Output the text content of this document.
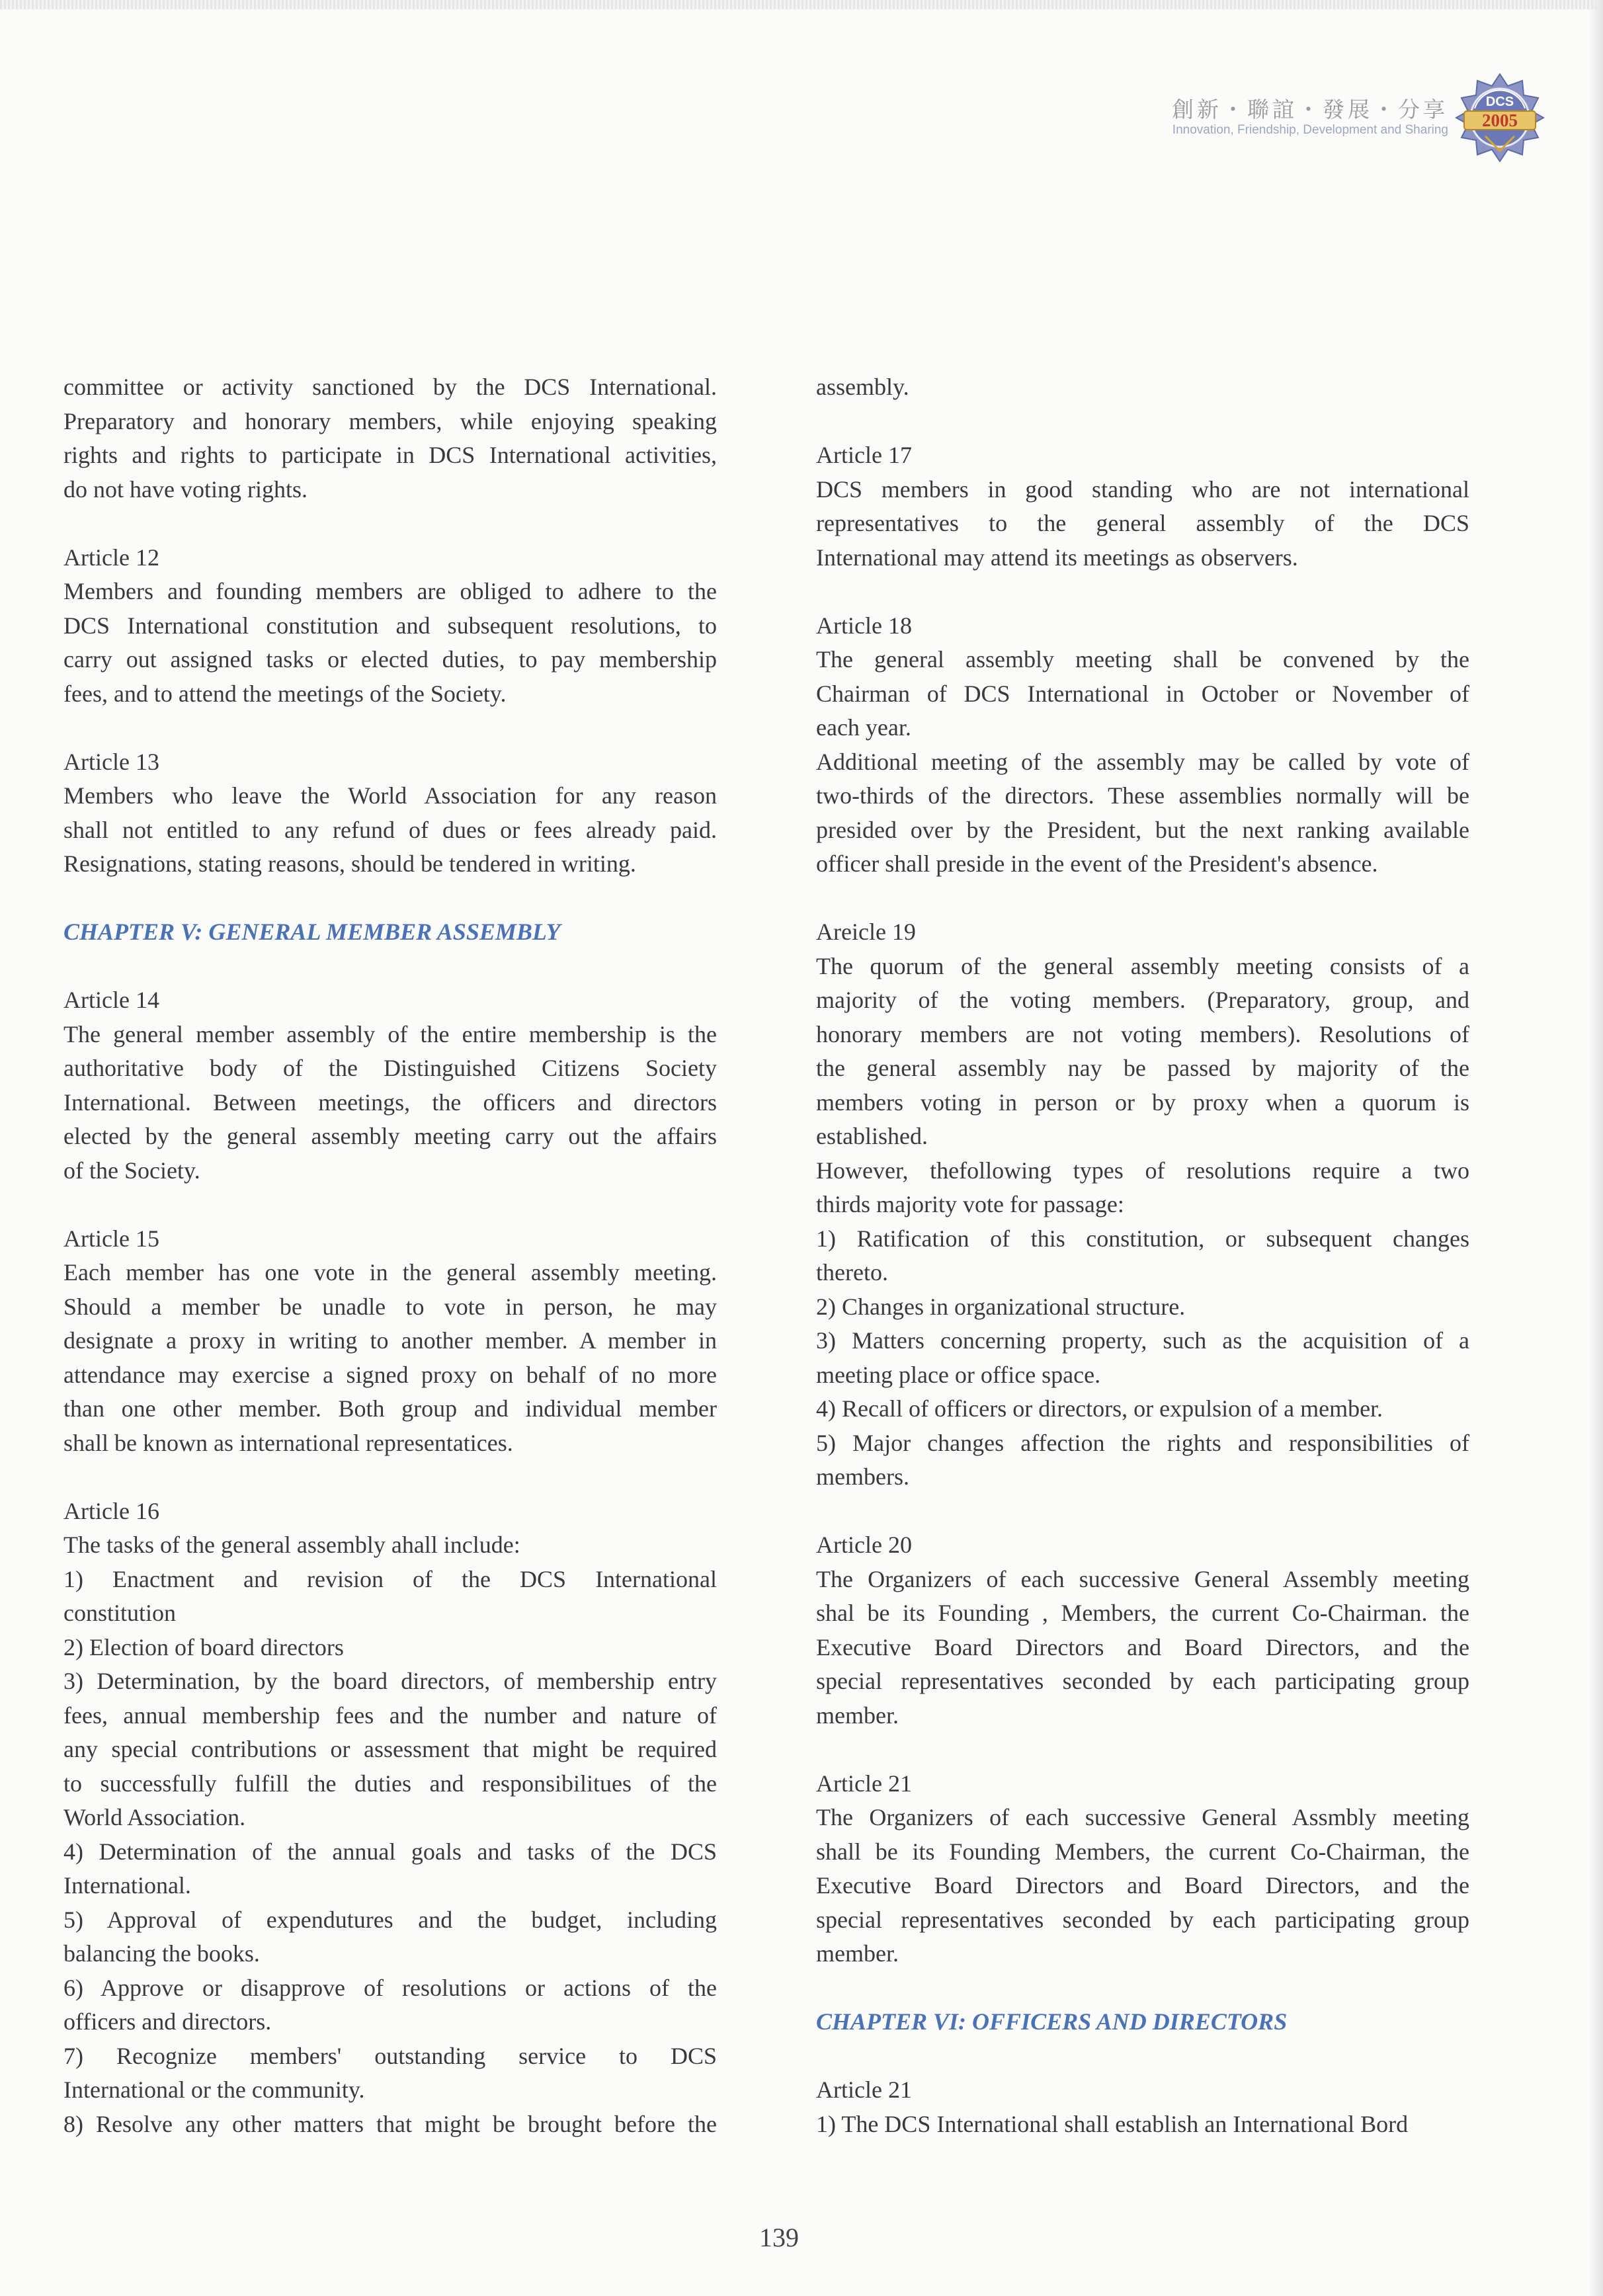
創新・聯誼・發展・分享
Innovation, Friendship, Development and Sharing
DCS
2005

committee or activity sanctioned by the DCS International.

Preparatory and honorary members, while enjoying speaking

rights and rights to participate in DCS International activities,

do not have voting rights.

Article 12

Members and founding members are obliged to adhere to the

DCS International constitution and subsequent resolutions, to

carry out assigned tasks or elected duties, to pay membership

fees, and to attend the meetings of the Society.

Article 13

Members who leave the World Association for any reason

shall not entitled to any refund of dues or fees already paid.

Resignations, stating reasons, should be tendered in writing.

CHAPTER V: GENERAL MEMBER ASSEMBLY

Article 14

The general member assembly of the entire membership is the

authoritative body of the Distinguished Citizens Society

International. Between meetings, the officers and directors

elected by the general assembly meeting carry out the affairs

of the Society.

Article 15

Each member has one vote in the general assembly meeting.

Should a member be unadle to vote in person, he may

designate a proxy in writing to another member. A member in

attendance may exercise a signed proxy on behalf of no more

than one other member. Both group and individual member

shall be known as international representatices.

Article 16

The tasks of the general assembly ahall include:

1) Enactment and revision of the DCS International

constitution

2) Election of board directors

3) Determination, by the board directors, of membership entry

fees, annual membership fees and the number and nature of

any special contributions or assessment that might be required

to successfully fulfill the duties and responsibilitues of the

World Association.

4) Determination of the annual goals and tasks of the DCS

International.

5) Approval of expendutures and the budget, including

balancing the books.

6) Approve or disapprove of resolutions or actions of the

officers and directors.

7) Recognize members' outstanding service to DCS

International or the community.

8) Resolve any other matters that might be brought before the

assembly.

Article 17

DCS members in good standing who are not international

representatives to the general assembly of the DCS

International may attend its meetings as observers.

Article 18

The general assembly meeting shall be convened by the

Chairman of DCS International in October or November of

each year.

Additional meeting of the assembly may be called by vote of

two-thirds of the directors. These assemblies normally will be

presided over by the President, but the next ranking available

officer shall preside in the event of the President's absence.

Areicle 19

The quorum of the general assembly meeting consists of a

majority of the voting members. (Preparatory, group, and

honorary members are not voting members). Resolutions of

the general assembly nay be passed by majority of the

members voting in person or by proxy when a quorum is

established.

However, thefollowing types of resolutions require a two

thirds majority vote for passage:

1) Ratification of this constitution, or subsequent changes

thereto.

2) Changes in organizational structure.

3) Matters concerning property, such as the acquisition of a

meeting place or office space.

4) Recall of officers or directors, or expulsion of a member.

5) Major changes affection the rights and responsibilities of

members.

Article 20

The Organizers of each successive General Assembly meeting

shal be its Founding , Members, the current Co-Chairman. the

Executive Board Directors and Board Directors, and the

special representatives seconded by each participating group

member.

Article 21

The Organizers of each successive General Assmbly meeting

shall be its Founding Members, the current Co-Chairman, the

Executive Board Directors and Board Directors, and the

special representatives seconded by each participating group

member.

CHAPTER VI: OFFICERS AND DIRECTORS

Article 21

1) The DCS International shall establish an International Bord

139
